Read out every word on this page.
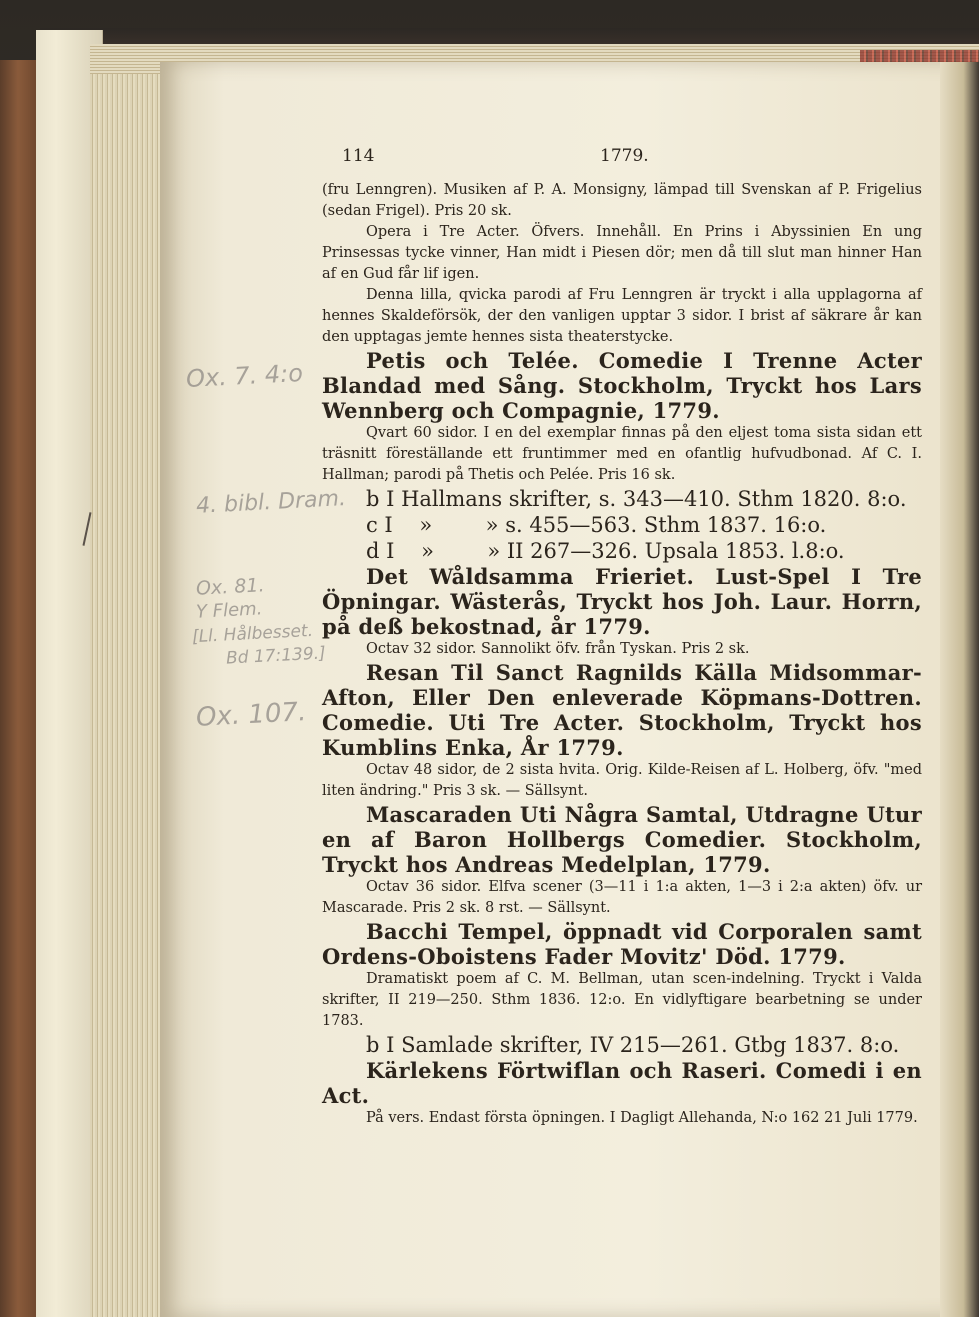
Ox. 7. 4:o
4. bibl. Dram.
Ox. 81.
Y Flem.
[Ll. Hålbesset.
Bd 17:139.]
Ox. 107.
114	1779.

(fru Lenngren). Musiken af P. A. Monsigny, lämpad till Svenskan af P. Frigelius (sedan Frigel). Pris 20 sk.

Opera i Tre Acter. Öfvers. Innehåll. En Prins i Abyssinien En ung Prinsessas tycke vinner, Han midt i Piesen dör; men då till slut man hinner Han af en Gud får lif igen.

Denna lilla, qvicka parodi af Fru Lenngren är tryckt i alla upplagorna af hennes Skaldeförsök, der den vanligen upptar 3 sidor. I brist af säkrare år kan den upptagas jemte hennes sista theaterstycke.

Petis och Telée. Comedie I Trenne Acter Blandad med Sång. Stockholm, Tryckt hos Lars Wennberg och Compagnie, 1779.

Qvart 60 sidor. I en del exemplar finnas på den eljest toma sista sidan ett träsnitt föreställande ett fruntimmer med en ofantlig hufvudbonad. Af C. I. Hallman; parodi på Thetis och Pelée. Pris 16 sk.

b I Hallmans skrifter, s. 343—410. Sthm 1820. 8:o.

c I    »        » s. 455—563. Sthm 1837. 16:o.

d I    »        » II 267—326. Upsala 1853. l.8:o.

Det Wåldsamma Frieriet. Lust-Spel I Tre Öpningar. Wästerås, Tryckt hos Joh. Laur. Horrn, på deß bekostnad, år 1779.

Octav 32 sidor. Sannolikt öfv. från Tyskan. Pris 2 sk.

Resan Til Sanct Ragnilds Källa Midsommar-Afton, Eller Den enleverade Köpmans-Dottren. Comedie. Uti Tre Acter. Stockholm, Tryckt hos Kumblins Enka, År 1779.

Octav 48 sidor, de 2 sista hvita. Orig. Kilde-Reisen af L. Holberg, öfv. "med liten ändring." Pris 3 sk. — Sällsynt.

Mascaraden Uti Några Samtal, Utdragne Utur en af Baron Hollbergs Comedier. Stockholm, Tryckt hos Andreas Medelplan, 1779.

Octav 36 sidor. Elfva scener (3—11 i 1:a akten, 1—3 i 2:a akten) öfv. ur Mascarade. Pris 2 sk. 8 rst. — Sällsynt.

Bacchi Tempel, öppnadt vid Corporalen samt Ordens-Oboistens Fader Movitz' Död. 1779.

Dramatiskt poem af C. M. Bellman, utan scen-indelning. Tryckt i Valda skrifter, II 219—250. Sthm 1836. 12:o. En vidlyftigare bearbetning se under 1783.

b I Samlade skrifter, IV 215—261. Gtbg 1837. 8:o.

Kärlekens Förtwiflan och Raseri. Comedi i en Act.

På vers. Endast första öpningen. I Dagligt Allehanda, N:o 162 21 Juli 1779.
